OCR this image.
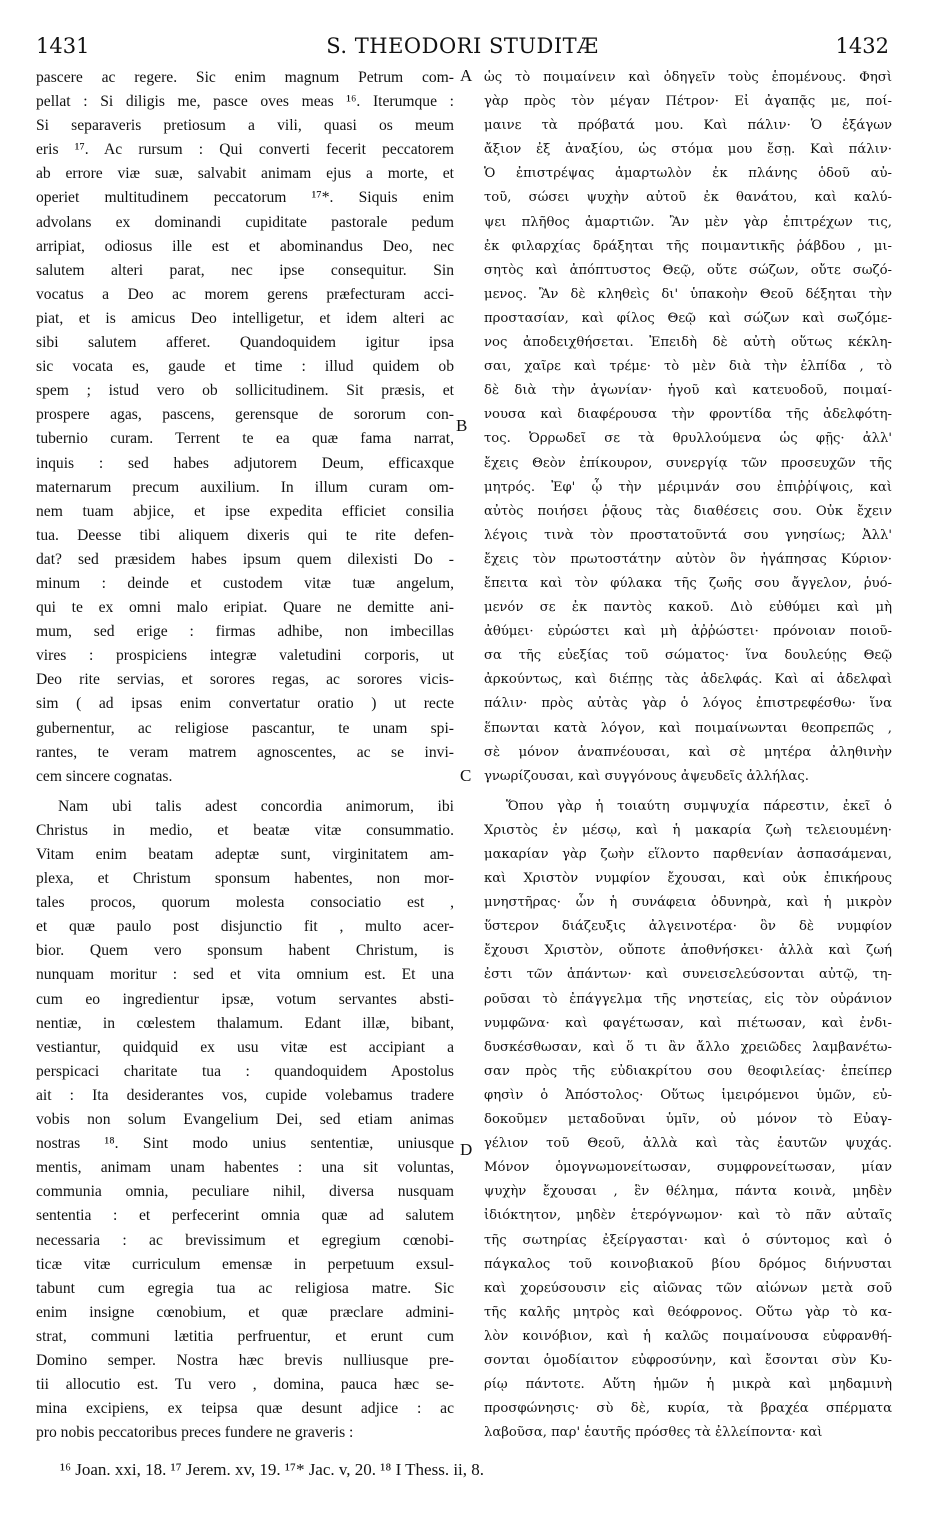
1431	S. THEODORI STUDITÆ	1432
pascere ac regere. Sic enim magnum Petrum com-
pellat : Si diligis me, pasce oves meas ¹⁶. Iterumque :
Si separaveris pretiosum a vili, quasi os meum
eris ¹⁷. Ac rursum : Qui converti fecerit peccatorem
ab errore viæ suæ, salvabit animam ejus a morte, et
operiet multitudinem peccatorum ¹⁷*. Siquis enim
advolans ex dominandi cupiditate pastorale pedum
arripiat, odiosus ille est et abominandus Deo, nec
salutem alteri parat, nec ipse consequitur. Sin
vocatus a Deo ac morem gerens præfecturam acci-
piat, et is amicus Deo intelligetur, et idem alteri ac
sibi salutem afferet. Quandoquidem igitur ipsa
sic vocata es, gaude et time : illud quidem ob
spem ; istud vero ob sollicitudinem. Sit præsis, et
prospere agas, pascens, gerensque de sororum con-
tubernio curam. Terrent te ea quæ fama narrat,
inquis : sed habes adjutorem Deum, efficaxque
maternarum precum auxilium. In illum curam om-
nem tuam abjice, et ipse expedita efficiet consilia
tua. Deesse tibi aliquem dixeris qui te rite defen-
dat? sed præsidem habes ipsum quem dilexisti Do -
minum : deinde et custodem vitæ tuæ angelum,
qui te ex omni malo eripiat. Quare ne demitte ani-
mum, sed erige : firmas adhibe, non imbecillas
vires : prospiciens integræ valetudini corporis, ut
Deo rite servias, et sorores regas, ac sorores vicis-
sim ( ad ipsas enim convertatur oratio ) ut recte
gubernentur, ac religiose pascantur, te unam spi-
rantes, te veram matrem agnoscentes, ac se invi-
cem sincere cognatas.
Nam ubi talis adest concordia animorum, ibi
Christus in medio, et beatæ vitæ consummatio.
Vitam enim beatam adeptæ sunt, virginitatem am-
plexa, et Christum sponsum habentes, non mor-
tales procos, quorum molesta consociatio est ,
et quæ paulo post disjunctio fit , multo acer-
bior. Quem vero sponsum habent Christum, is
nunquam moritur : sed et vita omnium est. Et una
cum eo ingredientur ipsæ, votum servantes absti-
nentiæ, in cœlestem thalamum. Edant illæ, bibant,
vestiantur, quidquid ex usu vitæ est accipiant a
perspicaci charitate tua : quandoquidem Apostolus
ait : Ita desiderantes vos, cupide volebamus tradere
vobis non solum Evangelium Dei, sed etiam animas
nostras ¹⁸. Sint modo unius sententiæ, uniusque
mentis, animam unam habentes : una sit voluntas,
communia omnia, peculiare nihil, diversa nusquam
sententia : et perfecerint omnia quæ ad salutem
necessaria : ac brevissimum et egregium cœnobi-
ticæ vitæ curriculum emensæ in perpetuum exsul-
tabunt cum egregia tua ac religiosa matre. Sic
enim insigne cœnobium, et quæ præclare admini-
strat, communi lætitia perfruentur, et erunt cum
Domino semper. Nostra hæc brevis nulliusque pre-
tii allocutio est. Tu vero , domina, pauca hæc se-
mina excipiens, ex teipsa quæ desunt adjice : ac
pro nobis peccatoribus preces fundere ne graveris :
A
B
C
D
ὡς τὸ ποιμαίνειν καὶ ὁδηγεῖν τοὺς ἑπομένους. Φησὶ
γὰρ πρὸς τὸν μέγαν Πέτρον· Εἰ ἀγαπᾷς με, ποί-
μαινε τὰ πρόβατά μου. Καὶ πάλιν· Ὁ ἐξάγων
ἄξιον ἐξ ἀναξίου, ὡς στόμα μου ἔσῃ. Καὶ πάλιν·
Ὁ ἐπιστρέψας ἁμαρτωλὸν ἐκ πλάνης ὁδοῦ αὐ-
τοῦ, σώσει ψυχὴν αὐτοῦ ἐκ θανάτου, καὶ καλύ-
ψει πλῆθος ἁμαρτιῶν. Ἂν μὲν γὰρ ἐπιτρέχων τις,
ἐκ φιλαρχίας δράξηται τῆς ποιμαντικῆς ῥάβδου , μι-
σητὸς καὶ ἀπόπτυστος Θεῷ, οὔτε σώζων, οὔτε σωζό-
μενος. Ἂν δὲ κληθεὶς δι' ὑπακοὴν Θεοῦ δέξηται τὴν
προστασίαν, καὶ φίλος Θεῷ καὶ σώζων καὶ σωζόμε-
νος ἀποδειχθήσεται. Ἐπειδὴ δὲ αὐτὴ οὕτως κέκλη-
σαι, χαῖρε καὶ τρέμε· τὸ μὲν διὰ τὴν ἐλπίδα , τὸ
δὲ διὰ τὴν ἀγωνίαν· ἡγοῦ καὶ κατευοδοῦ, ποιμαί-
νουσα καὶ διαφέρουσα τὴν φροντίδα τῆς ἀδελφότη-
τος. Ὀρρωδεῖ σε τὰ θρυλλούμενα ὡς φῇς· ἀλλ'
ἔχεις Θεὸν ἐπίκουρον, συνεργίᾳ τῶν προσευχῶν τῆς
μητρός. Ἐφ' ᾧ τὴν μέριμνάν σου ἐπιῤῥίψοις, καὶ
αὐτὸς ποιήσει ῥᾷους τὰς διαθέσεις σου. Οὐκ ἔχειν
λέγοις τινὰ τὸν προστατοῦντά σου γνησίως; Ἀλλ'
ἔχεις τὸν πρωτοστάτην αὐτὸν ὃν ἠγάπησας Κύριον·
ἔπειτα καὶ τὸν φύλακα τῆς ζωῆς σου ἄγγελον, ῥυό-
μενόν σε ἐκ παντὸς κακοῦ. Διὸ εὐθύμει καὶ μὴ
ἀθύμει· εὐρώστει καὶ μὴ ἀῤῥώστει· πρόνοιαν ποιοῦ-
σα τῆς εὐεξίας τοῦ σώματος· ἵνα δουλεύῃς Θεῷ
ἀρκούντως, καὶ διέπῃς τὰς ἀδελφάς. Καὶ αἱ ἀδελφαὶ
πάλιν· πρὸς αὐτὰς γὰρ ὁ λόγος ἐπιστρεφέσθω· ἵνα
ἕπωνται κατὰ λόγον, καὶ ποιμαίνωνται θεοπρεπῶς ,
σὲ μόνον ἀναπνέουσαι, καὶ σὲ μητέρα ἀληθινὴν
γνωρίζουσαι, καὶ συγγόνους ἀψευδεῖς ἀλλήλας.
Ὅπου γὰρ ἡ τοιαύτη συμψυχία πάρεστιν, ἐκεῖ ὁ
Χριστὸς ἐν μέσῳ, καὶ ἡ μακαρία ζωὴ τελειουμένη·
μακαρίαν γὰρ ζωὴν εἵλοντο παρθενίαν ἀσπασάμεναι,
καὶ Χριστὸν νυμφίον ἔχουσαι, καὶ οὐκ ἐπικήρους
μνηστῆρας· ὧν ἡ συνάφεια ὀδυνηρὰ, καὶ ἡ μικρὸν
ὕστερον διάζευξις ἀλγεινοτέρα· ὃν δὲ νυμφίον
ἔχουσι Χριστὸν, οὔποτε ἀποθνήσκει· ἀλλὰ καὶ ζωή
ἐστι τῶν ἁπάντων· καὶ συνεισελεύσονται αὐτῷ, τη-
ροῦσαι τὸ ἐπάγγελμα τῆς νηστείας, εἰς τὸν οὐράνιον
νυμφῶνα· καὶ φαγέτωσαν, καὶ πιέτωσαν, καὶ ἐνδι-
δυσκέσθωσαν, καὶ ὅ τι ἂν ἄλλο χρειῶδες λαμβανέτω-
σαν πρὸς τῆς εὐδιακρίτου σου θεοφιλείας· ἐπείπερ
φησὶν ὁ Ἀπόστολος· Οὕτως ἱμειρόμενοι ὑμῶν, εὐ-
δοκοῦμεν μεταδοῦναι ὑμῖν, οὐ μόνον τὸ Εὐαγ-
γέλιον τοῦ Θεοῦ, ἀλλὰ καὶ τὰς ἑαυτῶν ψυχάς.
Μόνον ὁμογνωμονείτωσαν, συμφρονείτωσαν, μίαν
ψυχὴν ἔχουσαι , ἓν θέλημα, πάντα κοινὰ, μηδὲν
ἰδιόκτητον, μηδὲν ἑτερόγνωμον· καὶ τὸ πᾶν αὐταῖς
τῆς σωτηρίας ἐξείργασται· καὶ ὁ σύντομος καὶ ὁ
πάγκαλος τοῦ κοινοβιακοῦ βίου δρόμος διήνυσται
καὶ χορεύσουσιν εἰς αἰῶνας τῶν αἰώνων μετὰ σοῦ
τῆς καλῆς μητρὸς καὶ θεόφρονος. Οὕτω γὰρ τὸ κα-
λὸν κοινόβιον, καὶ ἡ καλῶς ποιμαίνουσα εὐφρανθή-
σονται ὁμοδίαιτον εὐφροσύνην, καὶ ἔσονται σὺν Κυ-
ρίῳ πάντοτε. Αὕτη ἡμῶν ἡ μικρὰ καὶ μηδαμινὴ
προσφώνησις· σὺ δὲ, κυρία, τὰ βραχέα σπέρματα
λαβοῦσα, παρ' ἑαυτῆς πρόσθες τὰ ἐλλείποντα· καὶ
¹⁶ Joan. xxi, 18. ¹⁷ Jerem. xv, 19. ¹⁷* Jac. v, 20. ¹⁸ I Thess. ii, 8.
